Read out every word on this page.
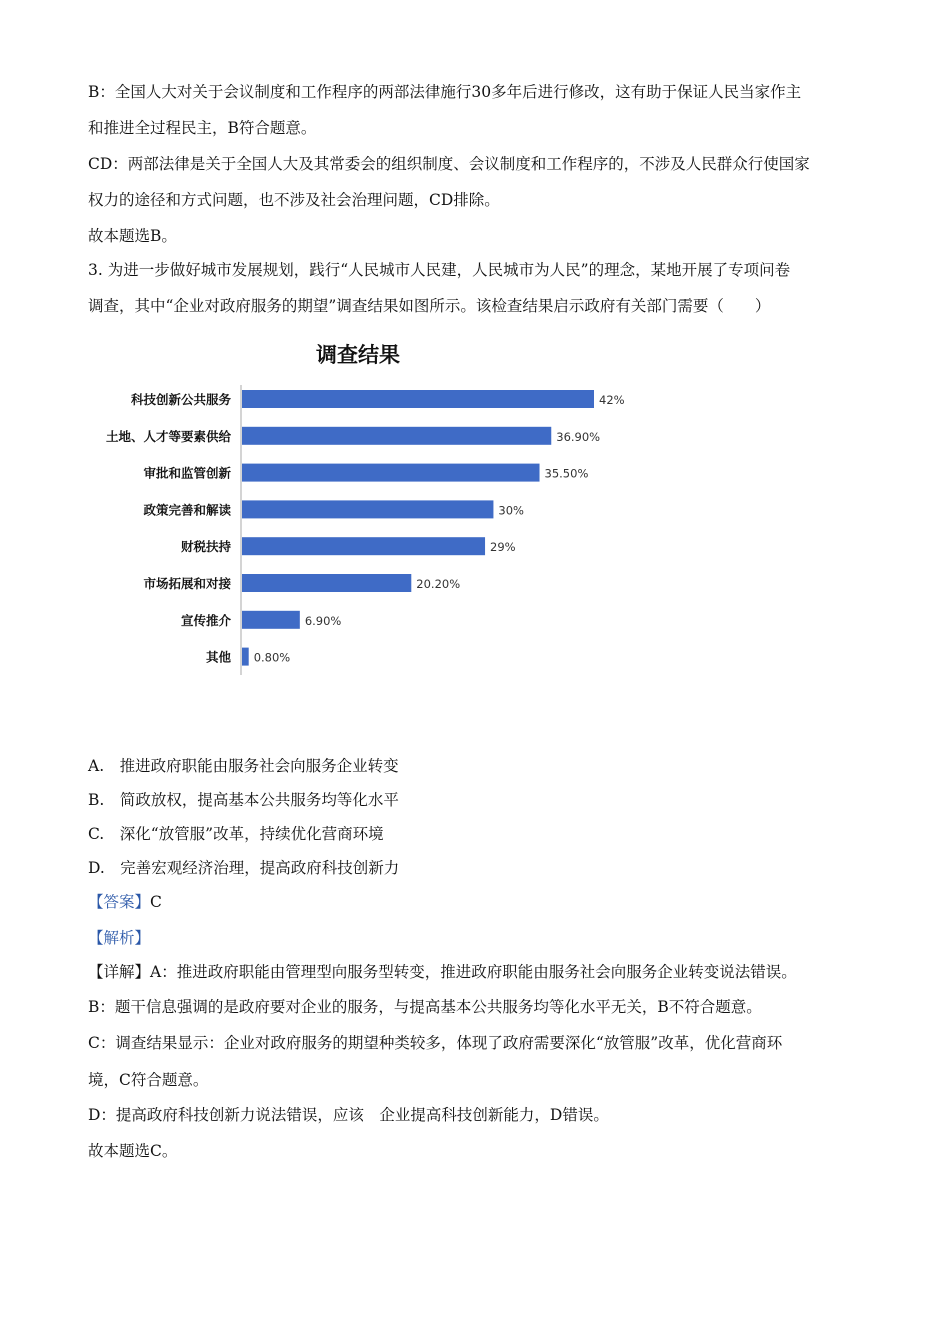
B：全国人大对关于会议制度和工作程序的两部法律施行30多年后进行修改，这有助于保证人民当家作主
和推进全过程民主，B符合题意。
CD：两部法律是关于全国人大及其常委会的组织制度、会议制度和工作程序的，不涉及人民群众行使国家
权力的途径和方式问题，也不涉及社会治理问题，CD排除。
故本题选B。
3. 为进一步做好城市发展规划，践行“人民城市人民建，人民城市为人民”的理念，某地开展了专项问卷
调查，其中“企业对政府服务的期望”调查结果如图所示。该检查结果启示政府有关部门需要（　　）
调查结果
科技创新公共服务	42%
土地、人才等要素供给	36.90%
审批和监管创新	35.50%
政策完善和解读	30%
财税扶持	29%
市场拓展和对接	20.20%
宣传推介	6.90%
其他 0.80%
A.　推进政府职能由服务社会向服务企业转变
B.　简政放权，提高基本公共服务均等化水平
C.　深化“放管服”改革，持续优化营商环境
D.　完善宏观经济治理，提高政府科技创新力
【答案】C
【解析】
【详解】A：推进政府职能由管理型向服务型转变，推进政府职能由服务社会向服务企业转变说法错误。
B：题干信息强调的是政府要对企业的服务，与提高基本公共服务均等化水平无关，B不符合题意。
C：调查结果显示：企业对政府服务的期望种类较多，体现了政府需要深化“放管服”改革，优化营商环
境，C符合题意。
D：提高政府科技创新力说法错误，应该　企业提高科技创新能力，D错误。
故本题选C。
